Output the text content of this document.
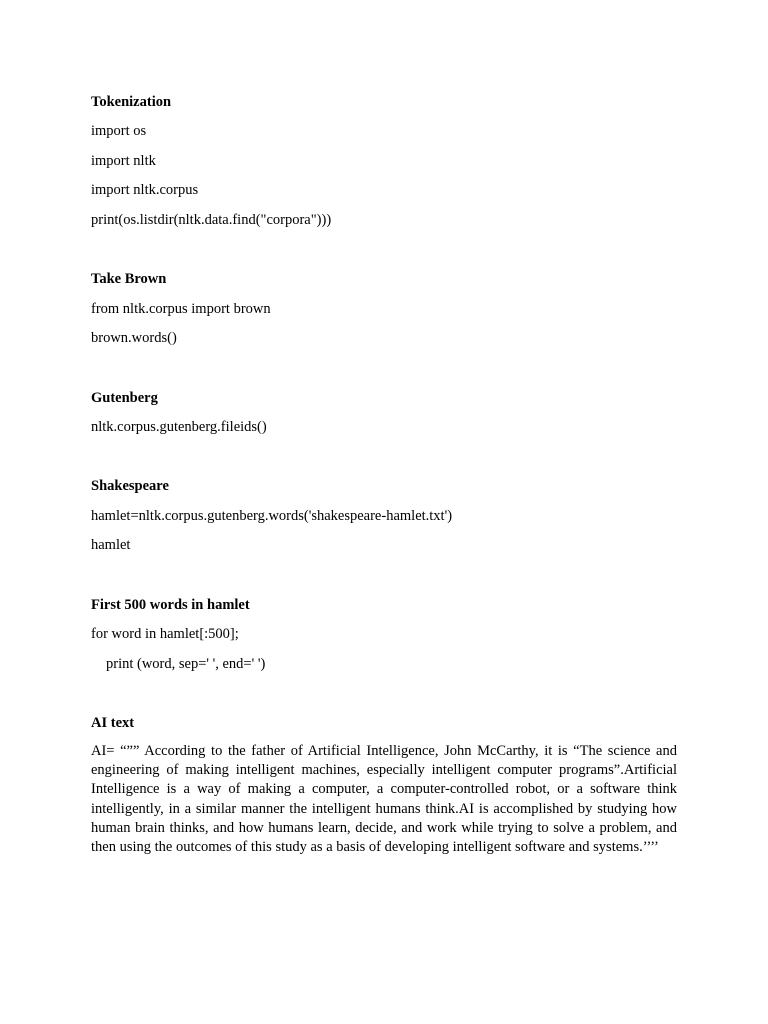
Tokenization

import os

import nltk

import nltk.corpus

print(os.listdir(nltk.data.find("corpora")))

Take Brown

from nltk.corpus import brown

brown.words()

Gutenberg

nltk.corpus.gutenberg.fileids()

Shakespeare

hamlet=nltk.corpus.gutenberg.words('shakespeare-hamlet.txt')

hamlet

First 500 words in hamlet

for word in hamlet[:500];

print (word, sep=' ', end=' ')

AI text

AI= “”” According to the father of Artificial Intelligence, John McCarthy, it is “The science and engineering of making intelligent machines, especially intelligent computer programs”.Artificial Intelligence is a way of making a computer, a computer-controlled robot, or a software think intelligently, in a similar manner the intelligent humans think.AI is accomplished by studying how human brain thinks, and how humans learn, decide, and work while trying to solve a problem, and then using the outcomes of this study as a basis of developing intelligent software and systems.’’’’
